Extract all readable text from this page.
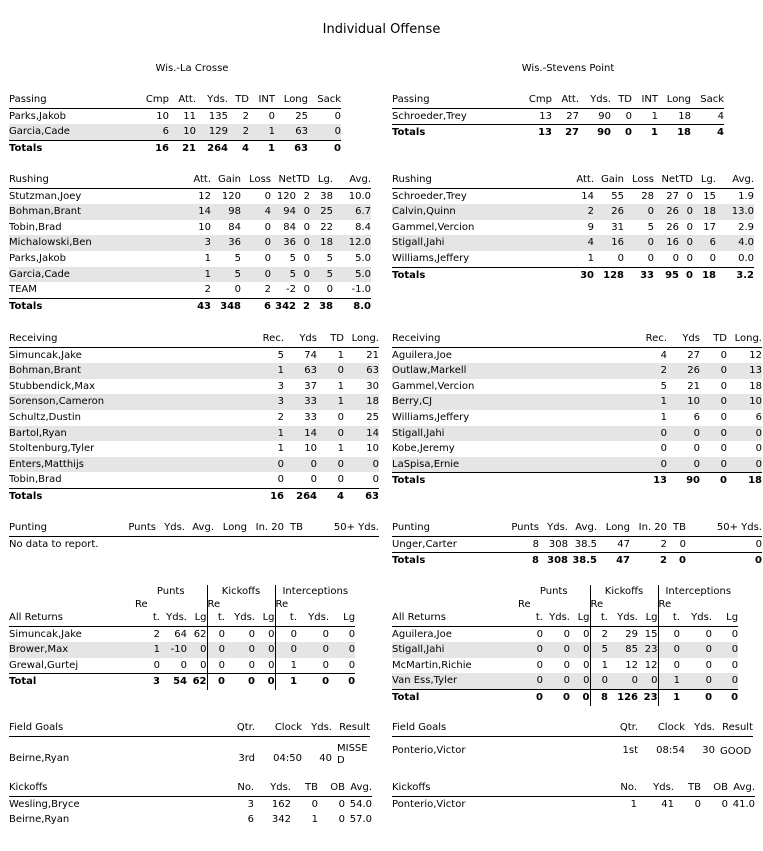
Individual Offense
Wis.-La Crosse	Wis.-Stevens Point
Passing	Cmp	Att.	Yds.	TD	INT	Long	Sack
Parks,Jakob	10	11	135	2	0	25	0
Garcia,Cade	6	10	129	2	1	63	0
Totals	16	21	264	4	1	63	0
Passing	Cmp	Att.	Yds.	TD	INT	Long	Sack
Schroeder,Trey	13	27	90	0	1	18	4
Totals	13	27	90	0	1	18	4
Rushing	Att.	Gain	Loss	Net	TD	Lg.	Avg.
Stutzman,Joey	12	120	0	120	2	38	10.0
Bohman,Brant	14	98	4	94	0	25	6.7
Tobin,Brad	10	84	0	84	0	22	8.4
Michalowski,Ben	3	36	0	36	0	18	12.0
Parks,Jakob	1	5	0	5	0	5	5.0
Garcia,Cade	1	5	0	5	0	5	5.0
TEAM	2	0	2	-2	0	0	-1.0
Totals	43	348	6	342	2	38	8.0
Rushing	Att.	Gain	Loss	Net	TD	Lg.	Avg.
Schroeder,Trey	14	55	28	27	0	15	1.9
Calvin,Quinn	2	26	0	26	0	18	13.0
Gammel,Vercion	9	31	5	26	0	17	2.9
Stigall,Jahi	4	16	0	16	0	6	4.0
Williams,Jeffery	1	0	0	0	0	0	0.0
Totals	30	128	33	95	0	18	3.2
Receiving	Rec.	Yds	TD	Long.
Simuncak,Jake	5	74	1	21
Bohman,Brant	1	63	0	63
Stubbendick,Max	3	37	1	30
Sorenson,Cameron	3	33	1	18
Schultz,Dustin	2	33	0	25
Bartol,Ryan	1	14	0	14
Stoltenburg,Tyler	1	10	1	10
Enters,Matthijs	0	0	0	0
Tobin,Brad	0	0	0	0
Totals	16	264	4	63
Receiving	Rec.	Yds	TD	Long.
Aguilera,Joe	4	27	0	12
Outlaw,Markell	2	26	0	13
Gammel,Vercion	5	21	0	18
Berry,CJ	1	10	0	10
Williams,Jeffery	1	6	0	6
Stigall,Jahi	0	0	0	0
Kobe,Jeremy	0	0	0	0
LaSpisa,Ernie	0	0	0	0
Totals	13	90	0	18
Punting	Punts	Yds.	Avg.	Long	In. 20	TB	50+ Yds.
No data to report.
Punting	Punts	Yds.	Avg.	Long	In. 20	TB	50+ Yds.
Unger,Carter	8	308	38.5	47	2	0	0
Totals	8	308	38.5	47	2	0	0
	Punts			Kickoffs			Interceptions		
	Re			Re			Re		
All Returns	t.	Yds.	Lg	t.	Yds.	Lg	t.	Yds.	Lg
Simuncak,Jake	2	64	62	0	0	0	0	0	0
Brower,Max	1	-10	0	0	0	0	0	0	0
Grewal,Gurtej	0	0	0	0	0	0	1	0	0
Total	3	54	62	0	0	0	1	0	0
	Punts			Kickoffs			Interceptions		
	Re			Re			Re		
All Returns	t.	Yds.	Lg	t.	Yds.	Lg	t.	Yds.	Lg
Aguilera,Joe	0	0	0	2	29	15	0	0	0
Stigall,Jahi	0	0	0	5	85	23	0	0	0
McMartin,Richie	0	0	0	1	12	12	0	0	0
Van Ess,Tyler	0	0	0	0	0	0	1	0	0
Total	0	0	0	8	126	23	1	0	0
Field Goals	Qtr.	Clock	Yds.	Result

Beirne,Ryan	3rd	04:50	40	MISSED
Field Goals	Qtr.	Clock	Yds.	Result

Ponterio,Victor	1st	08:54	30	GOOD
Kickoffs	No.	Yds.	TB	OB	Avg.
Wesling,Bryce	3	162	0	0	54.0
Beirne,Ryan	6	342	1	0	57.0
Kickoffs	No.	Yds.	TB	OB	Avg.
Ponterio,Victor	1	41	0	0	41.0
